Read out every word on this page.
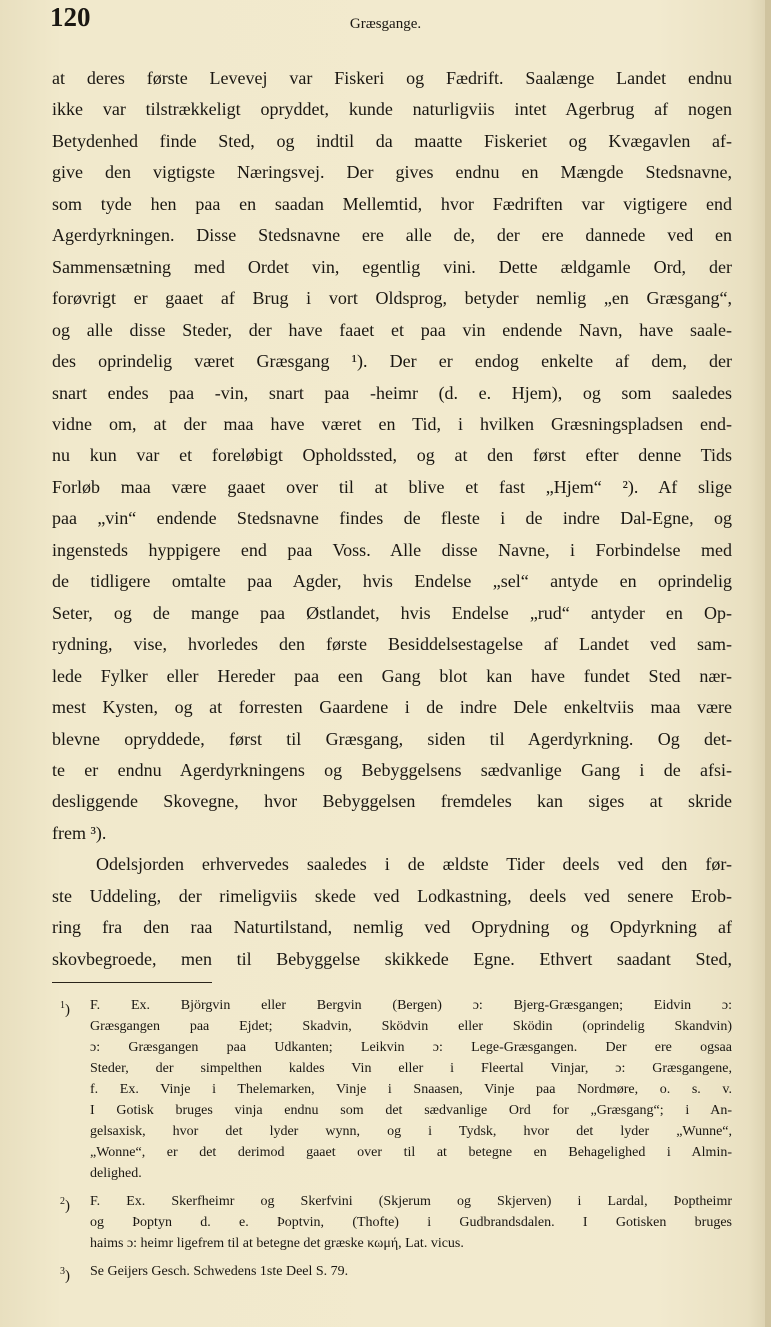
120	Græsgange.
at deres første Levevej var Fiskeri og Fædrift. Saalænge Landet endnu
ikke var tilstrækkeligt opryddet, kunde naturligviis intet Agerbrug af nogen
Betydenhed finde Sted, og indtil da maatte Fiskeriet og Kvægavlen af-
give den vigtigste Næringsvej. Der gives endnu en Mængde Stedsnavne,
som tyde hen paa en saadan Mellemtid, hvor Fædriften var vigtigere end
Agerdyrkningen. Disse Stedsnavne ere alle de, der ere dannede ved en
Sammensætning med Ordet vin, egentlig vini. Dette ældgamle Ord, der
forøvrigt er gaaet af Brug i vort Oldsprog, betyder nemlig „en Græsgang“,
og alle disse Steder, der have faaet et paa vin endende Navn, have saale-
des oprindelig været Græsgang ¹). Der er endog enkelte af dem, der
snart endes paa -vin, snart paa -heimr (d. e. Hjem), og som saaledes
vidne om, at der maa have været en Tid, i hvilken Græsningspladsen end-
nu kun var et foreløbigt Opholdssted, og at den først efter denne Tids
Forløb maa være gaaet over til at blive et fast „Hjem“ ²). Af slige
paa „vin“ endende Stedsnavne findes de fleste i de indre Dal-Egne, og
ingensteds hyppigere end paa Voss. Alle disse Navne, i Forbindelse med
de tidligere omtalte paa Agder, hvis Endelse „sel“ antyde en oprindelig
Seter, og de mange paa Østlandet, hvis Endelse „rud“ antyder en Op-
rydning, vise, hvorledes den første Besiddelsestagelse af Landet ved sam-
lede Fylker eller Hereder paa een Gang blot kan have fundet Sted nær-
mest Kysten, og at forresten Gaardene i de indre Dele enkeltviis maa være
blevne opryddede, først til Græsgang, siden til Agerdyrkning. Og det-
te er endnu Agerdyrkningens og Bebyggelsens sædvanlige Gang i de afsi-
desliggende Skovegne, hvor Bebyggelsen fremdeles kan siges at skride
frem ³).
Odelsjorden erhvervedes saaledes i de ældste Tider deels ved den før-
ste Uddeling, der rimeligviis skede ved Lodkastning, deels ved senere Erob-
ring fra den raa Naturtilstand, nemlig ved Oprydning og Opdyrkning af
skovbegroede, men til Bebyggelse skikkede Egne. Ethvert saadant Sted,
$^1$) F. Ex. Björgvin eller Bergvin (Bergen) ɔ: Bjerg-Græsgangen; Eidvin ɔ:
Græsgangen paa Ejdet; Skadvin, Sködvin eller Sködin (oprindelig Skandvin)
ɔ: Græsgangen paa Udkanten; Leikvin ɔ: Lege-Græsgangen. Der ere ogsaa
Steder, der simpelthen kaldes Vin eller i Fleertal Vinjar, ɔ: Græsgangene,
f. Ex. Vinje i Thelemarken, Vinje i Snaasen, Vinje paa Nordmøre, o. s. v.
I Gotisk bruges vinja endnu som det sædvanlige Ord for „Græsgang“; i An-
gelsaxisk, hvor det lyder wynn, og i Tydsk, hvor det lyder „Wunne“,
„Wonne“, er det derimod gaaet over til at betegne en Behagelighed i Almin-
delighed.
$^2$) F. Ex. Skerfheimr og Skerfvini (Skjerum og Skjerven) i Lardal, Þoptheimr
og Þoptyn d. e. Þoptvin, (Thofte) i Gudbrandsdalen. I Gotisken bruges
haims ɔ: heimr ligefrem til at betegne det græske κωμή, Lat. vicus.
$^3$) Se Geijers Gesch. Schwedens 1ste Deel S. 79.
